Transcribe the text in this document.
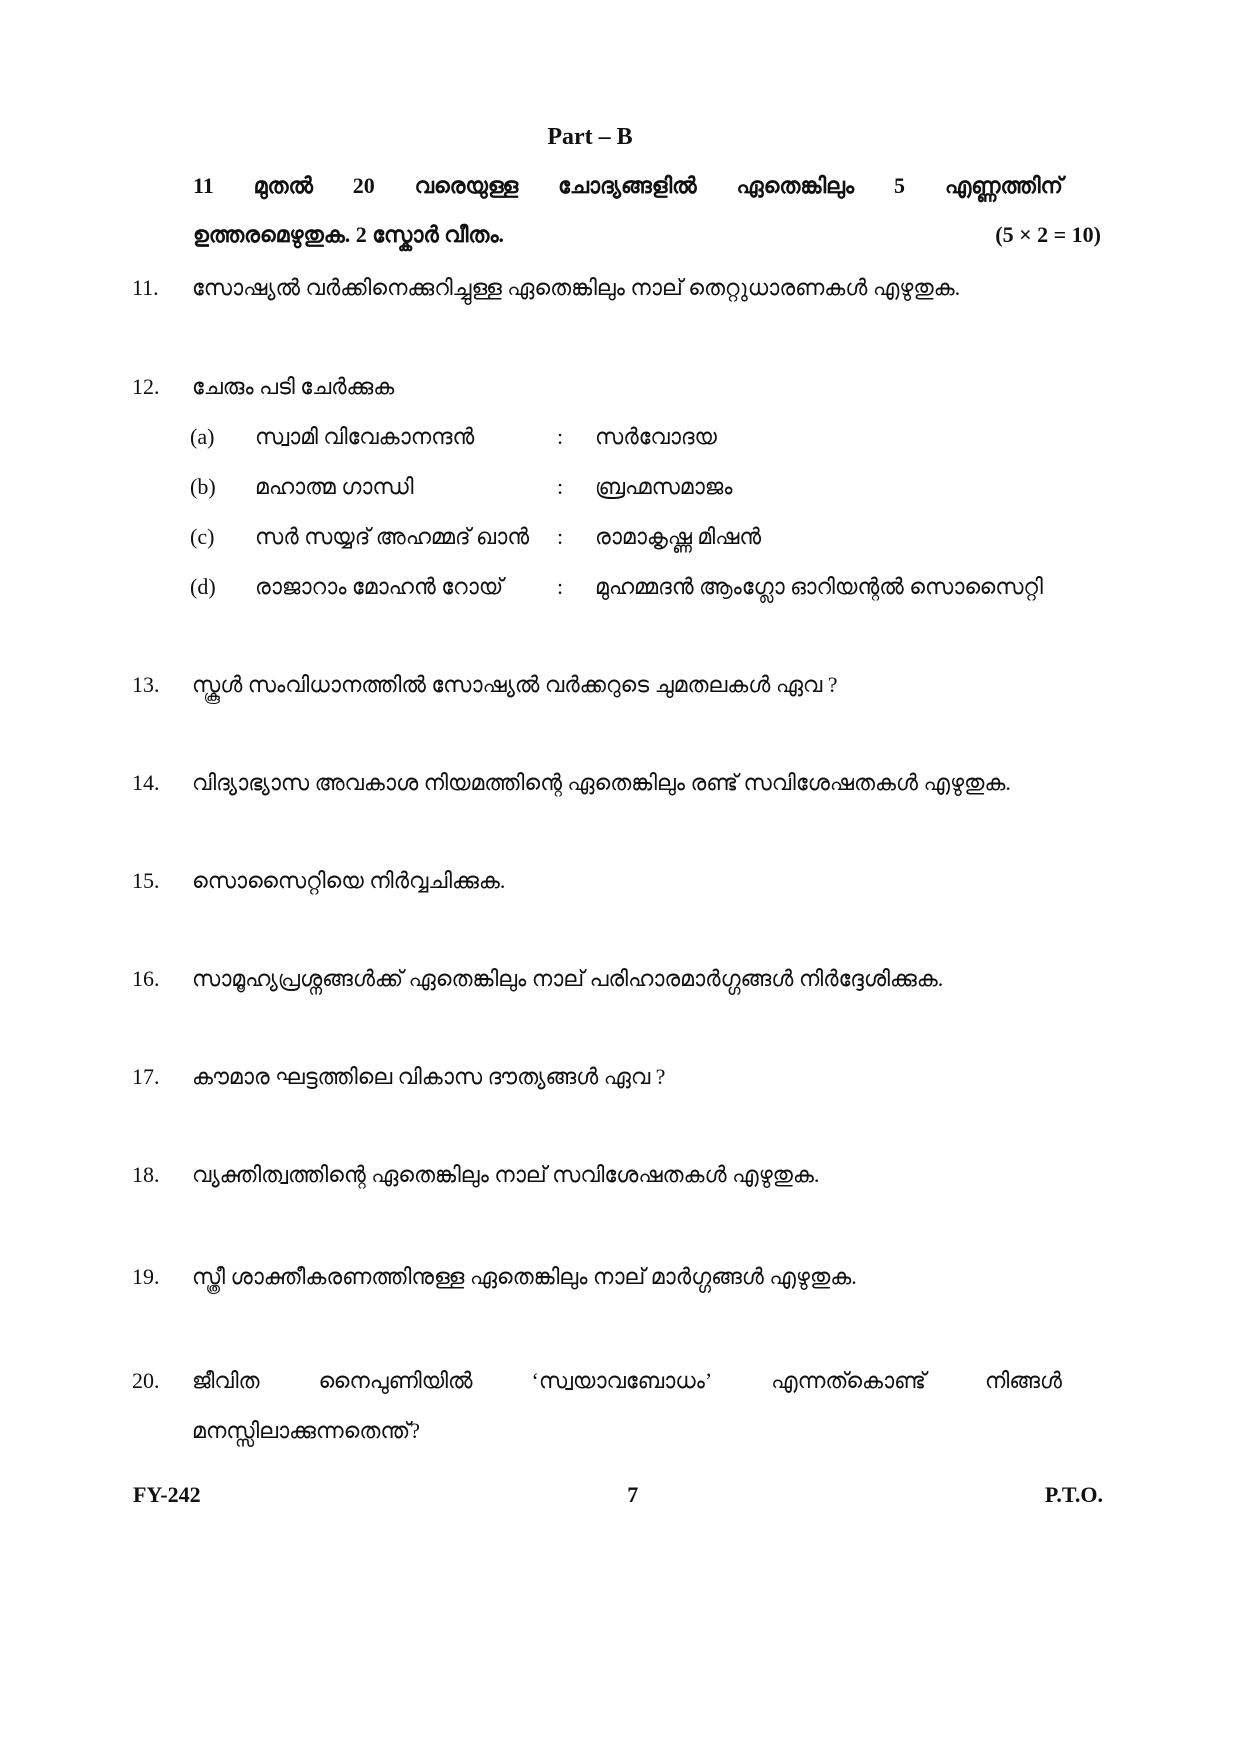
Part – B
11 മുതൽ 20 വരെയുള്ള ചോദ്യങ്ങളിൽ ഏതെങ്കിലും 5 എണ്ണത്തിന്
ഉത്തരമെഴുതുക. 2 സ്കോർ വീതം.	(5 × 2 = 10)
11.	സോഷ്യൽ വർക്കിനെക്കുറിച്ചുള്ള ഏതെങ്കിലും നാല് തെറ്റുധാരണകൾ എഴുതുക.
12.	ചേരും പടി ചേർക്കുക
(a)	സ്വാമി വിവേകാനന്ദൻ	:	സർവോദയ
(b)	മഹാത്മ ഗാന്ധി	:	ബ്രഹ്മസമാജം
(c)	സർ സയ്യദ് അഹമ്മദ് ഖാൻ	:	രാമാകൃഷ്ണ മിഷൻ
(d)	രാജാറാം മോഹൻ റോയ്	:	മുഹമ്മദൻ ആംഗ്ലോ ഓറിയന്റൽ സൊസൈറ്റി
13.	സ്കൂൾ സംവിധാനത്തിൽ സോഷ്യൽ വർക്കറുടെ ചുമതലകൾ ഏവ ?
14.	വിദ്യാഭ്യാസ അവകാശ നിയമത്തിന്റെ ഏതെങ്കിലും രണ്ട് സവിശേഷതകൾ എഴുതുക.
15.	സൊസൈറ്റിയെ നിർവ്വചിക്കുക.
16.	സാമൂഹ്യപ്രശ്നങ്ങൾക്ക് ഏതെങ്കിലും നാല് പരിഹാരമാർഗ്ഗങ്ങൾ നിർദ്ദേശിക്കുക.
17.	കൗമാര ഘട്ടത്തിലെ വികാസ ദൗത്യങ്ങൾ ഏവ ?
18.	വ്യക്തിത്വത്തിന്റെ ഏതെങ്കിലും നാല് സവിശേഷതകൾ എഴുതുക.
19.	സ്ത്രീ ശാക്തീകരണത്തിനുള്ള ഏതെങ്കിലും നാല് മാർഗ്ഗങ്ങൾ എഴുതുക.
20.	ജീവിത	നൈപുണിയിൽ	‘സ്വയാവബോധം’	എന്നത്കൊണ്ട്	നിങ്ങൾ
മനസ്സിലാക്കുന്നതെന്ത്?
FY-242	7	P.T.O.
